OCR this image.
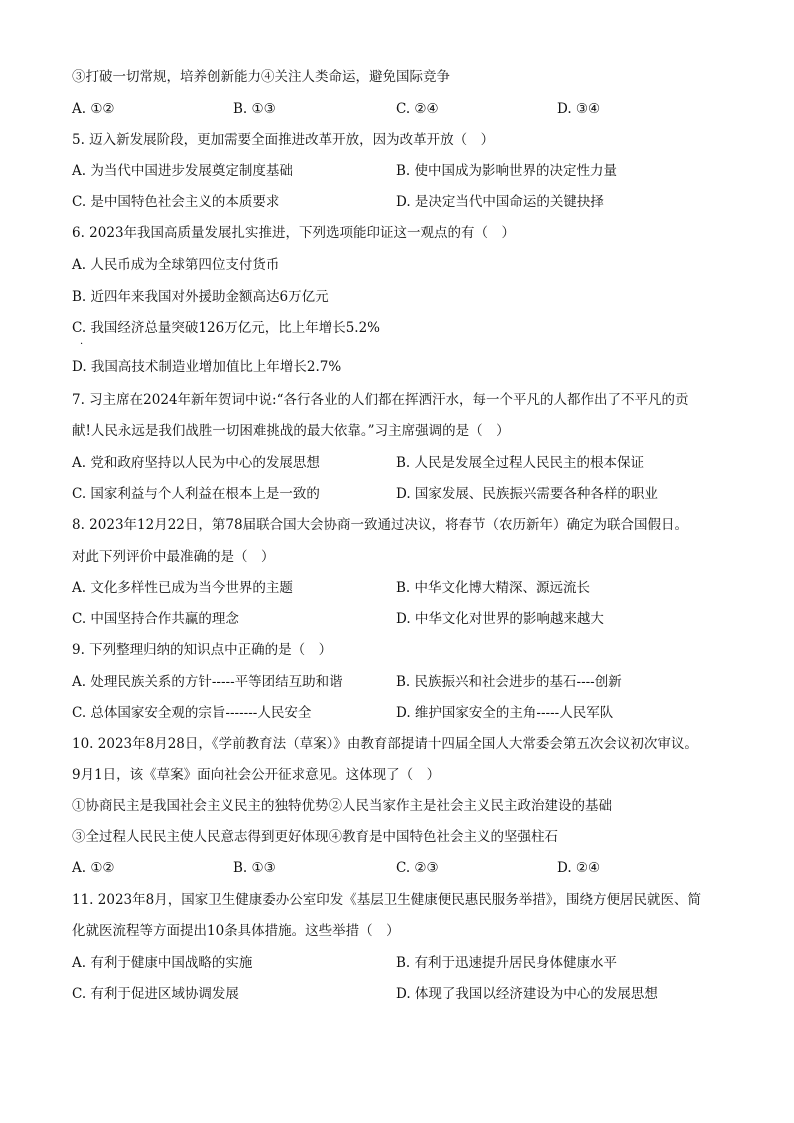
③打破一切常规，培养创新能力④关注人类命运，避免国际竞争
A. ①②	B. ①③	C. ②④	D. ③④
5. 迈入新发展阶段，更加需要全面推进改革开放，因为改革开放（　）
A. 为当代中国进步发展奠定制度基础	B. 使中国成为影响世界的决定性力量
C. 是中国特色社会主义的本质要求	D. 是决定当代中国命运的关键抉择
6. 2023年我国高质量发展扎实推进，下列选项能印证这一观点的有（　）
A. 人民币成为全球第四位支付货币
B. 近四年来我国对外援助金额高达6万亿元
C. 我国经济总量突破126万亿元，比上年增长5.2%
·
D. 我国高技术制造业增加值比上年增长2.7%
7. 习主席在2024年新年贺词中说:“各行各业的人们都在挥洒汗水，每一个平凡的人都作出了不平凡的贡
献!人民永远是我们战胜一切困难挑战的最大依靠。”习主席强调的是（　）
A. 党和政府坚持以人民为中心的发展思想	B. 人民是发展全过程人民民主的根本保证
C. 国家利益与个人利益在根本上是一致的	D. 国家发展、民族振兴需要各种各样的职业
8. 2023年12月22日，第78届联合国大会协商一致通过决议，将春节（农历新年）确定为联合国假日。
对此下列评价中最准确的是（　）
A. 文化多样性已成为当今世界的主题	B. 中华文化博大精深、源远流长
C. 中国坚持合作共赢的理念	D. 中华文化对世界的影响越来越大
9. 下列整理归纳的知识点中正确的是（　）
A. 处理民族关系的方针-----平等团结互助和谐	B. 民族振兴和社会进步的基石----创新
C. 总体国家安全观的宗旨-------人民安全	D. 维护国家安全的主角-----人民军队
10. 2023年8月28日，《学前教育法（草案）》由教育部提请十四届全国人大常委会第五次会议初次审议。
9月1日，该《草案》面向社会公开征求意见。这体现了（　）
①协商民主是我国社会主义民主的独特优势②人民当家作主是社会主义民主政治建设的基础
③全过程人民民主使人民意志得到更好体现④教育是中国特色社会主义的坚强柱石
A. ①②	B. ①③	C. ②③	D. ②④
11. 2023年8月，国家卫生健康委办公室印发《基层卫生健康便民惠民服务举措》，围绕方便居民就医、简
化就医流程等方面提出10条具体措施。这些举措（　）
A. 有利于健康中国战略的实施	B. 有利于迅速提升居民身体健康水平
C. 有利于促进区域协调发展	D. 体现了我国以经济建设为中心的发展思想
